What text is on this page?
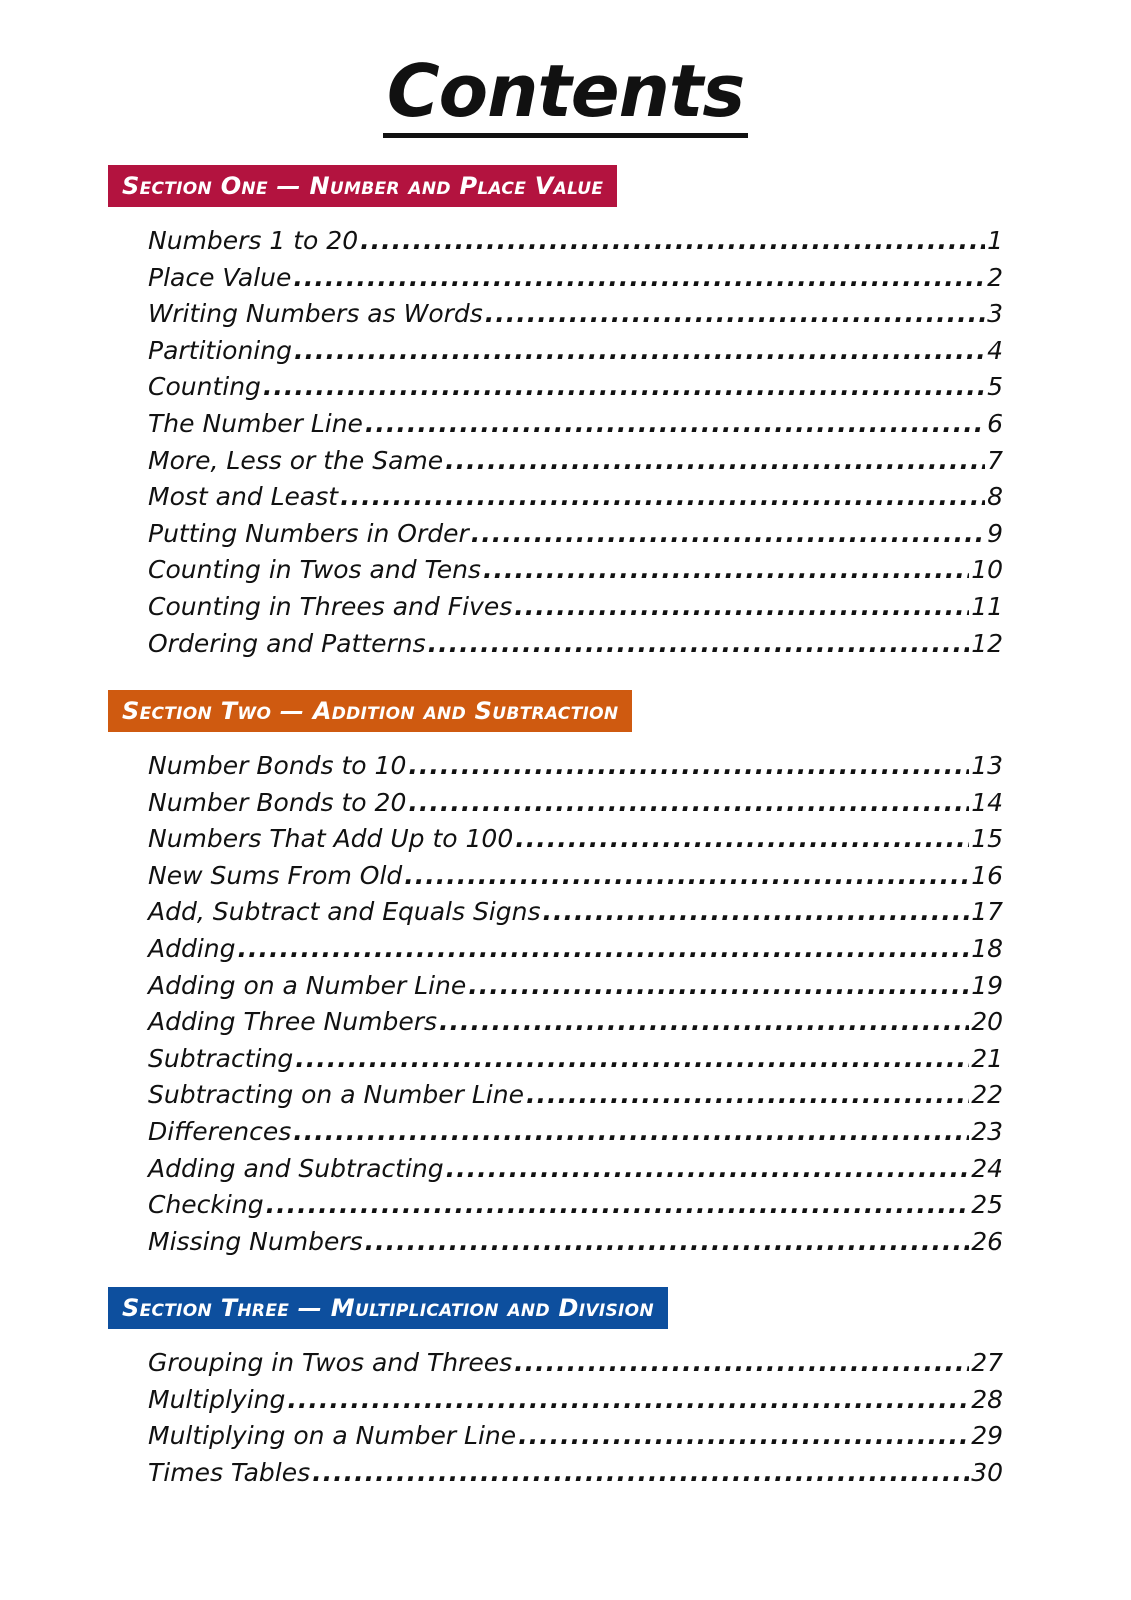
Contents
Section One — Number and Place Value
Numbers 1 to 20 .....	1
Place Value .....	2
Writing Numbers as Words .....	3
Partitioning .....	4
Counting .....	5
The Number Line .....	6
More, Less or the Same .....	7
Most and Least .....	8
Putting Numbers in Order .....	9
Counting in Twos and Tens .....	10
Counting in Threes and Fives .....	11
Ordering and Patterns .....	12
Section Two — Addition and Subtraction
Number Bonds to 10 .....	13
Number Bonds to 20 .....	14
Numbers That Add Up to 100 .....	15
New Sums From Old .....	16
Add, Subtract and Equals Signs .....	17
Adding .....	18
Adding on a Number Line .....	19
Adding Three Numbers .....	20
Subtracting .....	21
Subtracting on a Number Line .....	22
Differences .....	23
Adding and Subtracting .....	24
Checking .....	25
Missing Numbers .....	26
Section Three — Multiplication and Division
Grouping in Twos and Threes .....	27
Multiplying .....	28
Multiplying on a Number Line .....	29
Times Tables .....	30
